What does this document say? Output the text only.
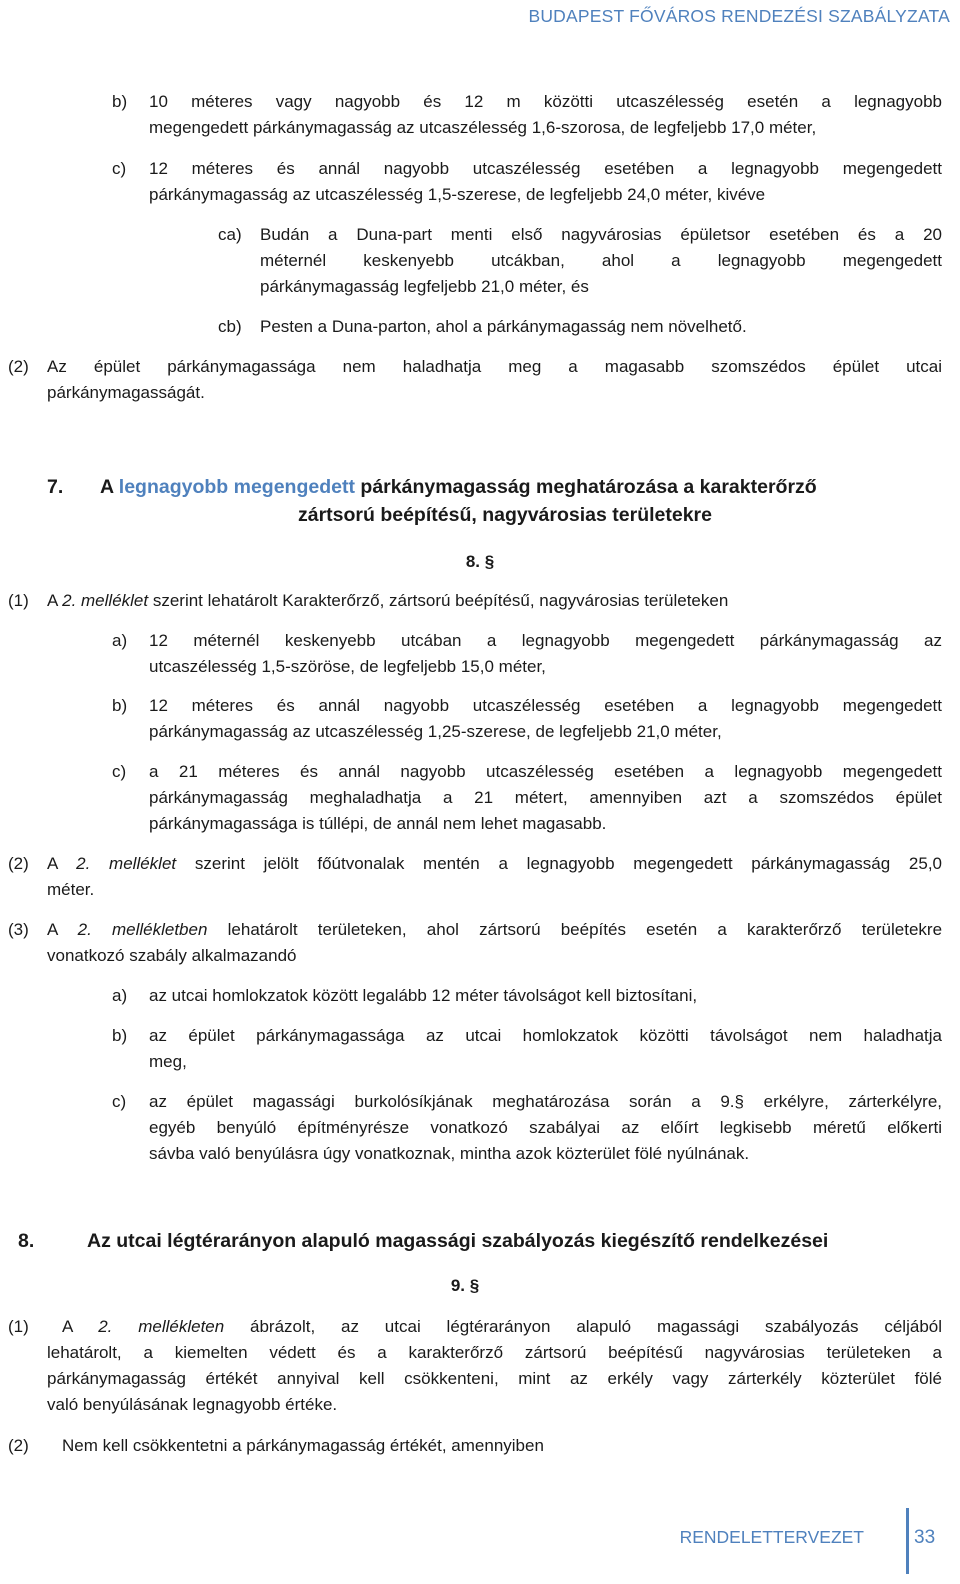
BUDAPEST FŐVÁROS RENDEZÉSI SZABÁLYZATA
b) 10 méteres vagy nagyobb és 12 m közötti utcaszélesség esetén a legnagyobb
megengedett párkánymagasság az utcaszélesség 1,6-szorosa, de legfeljebb 17,0 méter,
c) 12 méteres és annál nagyobb utcaszélesség esetében a legnagyobb megengedett
párkánymagasság az utcaszélesség 1,5-szerese, de legfeljebb 24,0 méter, kivéve
ca) Budán a Duna-part menti első nagyvárosias épületsor esetében és a 20
méternél keskenyebb utcákban, ahol a legnagyobb megengedett
párkánymagasság legfeljebb 21,0 méter, és
cb) Pesten a Duna-parton, ahol a párkánymagasság nem növelhető.
(2) Az épület párkánymagassága nem haladhatja meg a magasabb szomszédos épület utcai
párkánymagasságát.
7. A legnagyobb megengedett párkánymagasság meghatározása a karakterőrző
zártsorú beépítésű, nagyvárosias területekre
8. §
(1) A 2. melléklet szerint lehatárolt Karakterőrző, zártsorú beépítésű, nagyvárosias területeken
a) 12 méternél keskenyebb utcában a legnagyobb megengedett párkánymagasság az
utcaszélesség 1,5-szöröse, de legfeljebb 15,0 méter,
b) 12 méteres és annál nagyobb utcaszélesség esetében a legnagyobb megengedett
párkánymagasság az utcaszélesség 1,25-szerese, de legfeljebb 21,0 méter,
c) a 21 méteres és annál nagyobb utcaszélesség esetében a legnagyobb megengedett
párkánymagasság meghaladhatja a 21 métert, amennyiben azt a szomszédos épület
párkánymagassága is túllépi, de annál nem lehet magasabb.
(2) A 2. melléklet szerint jelölt főútvonalak mentén a legnagyobb megengedett párkánymagasság 25,0
méter.
(3) A 2. mellékletben lehatárolt területeken, ahol zártsorú beépítés esetén a karakterőrző területekre
vonatkozó szabály alkalmazandó
a) az utcai homlokzatok között legalább 12 méter távolságot kell biztosítani,
b) az épület párkánymagassága az utcai homlokzatok közötti távolságot nem haladhatja
meg,
c) az épület magassági burkolósíkjának meghatározása során a 9.§ erkélyre, zárterkélyre,
egyéb benyúló építményrésze vonatkozó szabályai az előírt legkisebb méretű előkerti
sávba való benyúlásra úgy vonatkoznak, mintha azok közterület fölé nyúlnának.
8.	Az utcai légtérarányon alapuló magassági szabályozás kiegészítő rendelkezései
9. §
(1) A 2. mellékleten ábrázolt, az utcai légtérarányon alapuló magassági szabályozás céljából
lehatárolt, a kiemelten védett és a karakterőrző zártsorú beépítésű nagyvárosias területeken a
párkánymagasság értékét annyival kell csökkenteni, mint az erkély vagy zárterkély közterület fölé
való benyúlásának legnagyobb értéke.
(2) Nem kell csökkentetni a párkánymagasság értékét, amennyiben
RENDELETTERVEZET	33
